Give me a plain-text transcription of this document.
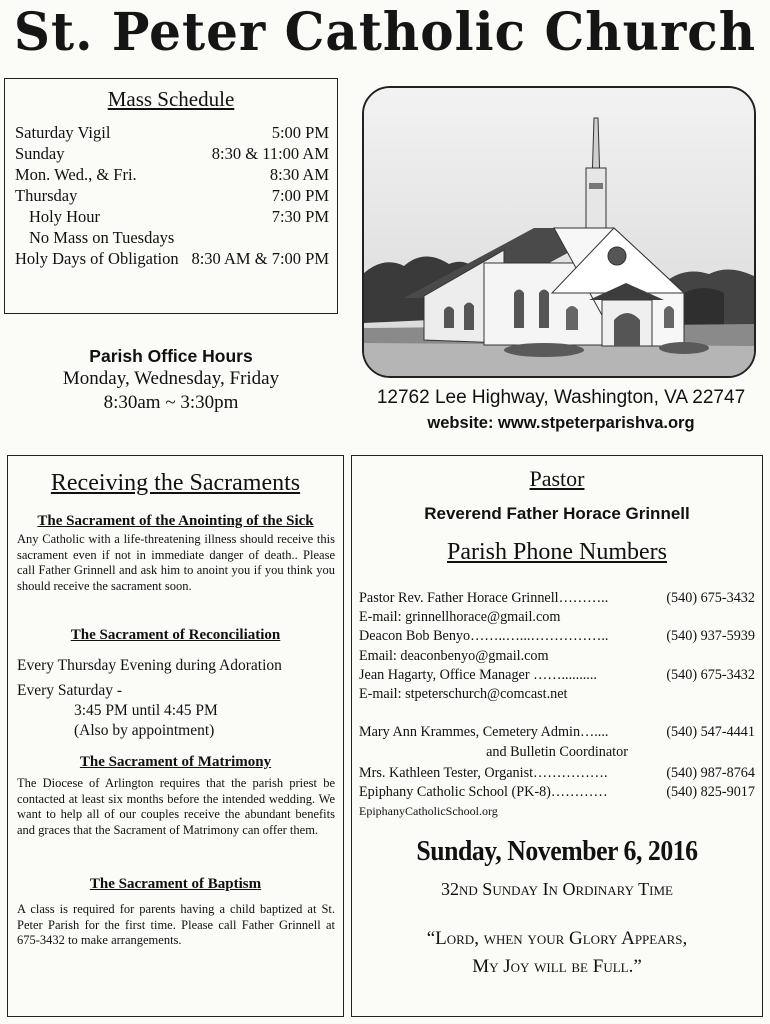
St. Peter Catholic Church
Mass Schedule
Saturday Vigil	5:00 PM
Sunday	8:30 & 11:00 AM
Mon. Wed., & Fri.	8:30 AM
Thursday	7:00 PM
Holy Hour	7:30 PM
No Mass on Tuesdays
Holy Days of Obligation 8:30 AM & 7:00 PM
Parish Office Hours
Monday, Wednesday, Friday
8:30am ~ 3:30pm	12762 Lee Highway, Washington, VA 22747
website: www.stpeterparishva.org
Receiving the Sacraments
The Sacrament of the Anointing of the Sick
Any Catholic with a life-threatening illness should receive this sacrament even if not in immediate danger of death.. Please call Father Grinnell and ask him to anoint you if you think you should receive the sacrament soon.
The Sacrament of Reconciliation
Every Thursday Evening during Adoration
Every Saturday -
3:45 PM until 4:45 PM
(Also by appointment)
The Sacrament of Matrimony
The Diocese of Arlington requires that the parish priest be contacted at least six months before the intended wedding. We want to help all of our couples receive the abundant benefits and graces that the Sacrament of Matrimony can offer them.
The Sacrament of Baptism
A class is required for parents having a child baptized at St. Peter Parish for the first time. Please call Father Grinnell at 675-3432 to make arrangements.
Pastor
Reverend Father Horace Grinnell
Parish Phone Numbers
Pastor Rev. Father Horace Grinnell………..	(540) 675-3432
E-mail: grinnellhorace@gmail.com
Deacon Bob Benyo……..…...……………..	(540) 937-5939
Email: deaconbenyo@gmail.com
Jean Hagarty, Office Manager ……..........	(540) 675-3432
E-mail: stpeterschurch@comcast.net
Mary Ann Krammes, Cemetery Admin…....	(540) 547-4441
and Bulletin Coordinator
Mrs. Kathleen Tester, Organist…………….	(540) 987-8764
Epiphany Catholic School (PK-8)…………	(540) 825-9017
EpiphanyCatholicSchool.org
Sunday, November 6, 2016
32nd Sunday In Ordinary Time
“Lord, when your Glory Appears,
My Joy will be Full.”
